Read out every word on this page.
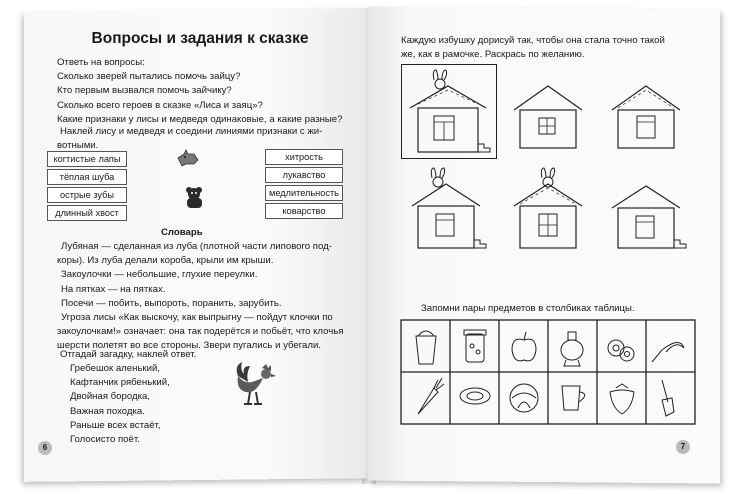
Вопросы и задания к сказке
Ответь на вопросы:
Сколько зверей пытались помочь зайцу?
Кто первым вызвался помочь зайчику?
Сколько всего героев в сказке «Лиса и заяц»?
Какие признаки у лисы и медведя одинаковые, а какие разные?
Наклей лису и медведя и соедини линиями признаки с жи-
вотными.
когтистые лапы
тёплая шуба
острые зубы
длинный хвост
хитрость
лукавство
медлительность
коварство
Словарь
Лубяная — сделанная из луба (плотной части липового под-
коры). Из луба делали короба, крыли им крыши.
Закоулочки — небольшие, глухие переулки.
На пятках — на пятках.
Посечи — побить, выпороть, поранить, зарубить.
Угроза лисы «Как выскочу, как выпрыгну — пойдут клочки по
закоулочкам!» означает: она так подерётся и побьёт, что клочья
шерсти полетят во все стороны. Звери пугались и убегали.
Отгадай загадку, наклей ответ.
Гребешок аленький,
Кафтанчик рябенький,
Двойная бородка,
Важная походка.
Раньше всех встаёт,
Голосисто поёт.
6
Каждую избушку дорисуй так, чтобы она стала точно такой
же, как в рамочке. Раскрась по желанию.
Запомни пары предметов в столбиках таблицы.
7
